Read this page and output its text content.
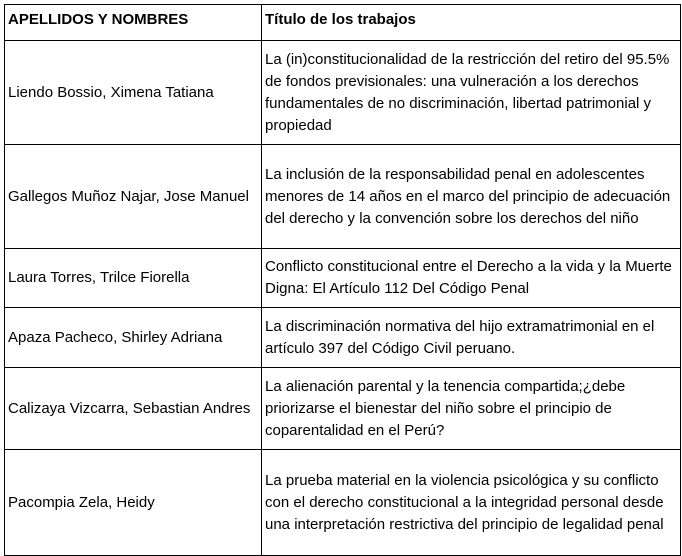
APELLIDOS Y NOMBRES	Título de los trabajos
Liendo Bossio, Ximena Tatiana	La (in)constitucionalidad de la restricción del retiro del 95.5% de fondos previsionales: una vulneración a los derechos fundamentales de no discriminación, libertad patrimonial y propiedad
Gallegos Muñoz Najar, Jose Manuel	La inclusión de la responsabilidad penal en adolescentes menores de 14 años en el marco del principio de adecuación del derecho y la convención sobre los derechos del niño
Laura Torres, Trilce Fiorella	Conflicto constitucional entre el Derecho a la vida y la Muerte Digna: El Artículo 112 Del Código Penal
Apaza Pacheco, Shirley Adriana	La discriminación normativa del hijo extramatrimonial en el artículo 397 del Código Civil peruano.
Calizaya Vizcarra, Sebastian Andres	La alienación parental y la tenencia compartida;¿debe priorizarse el bienestar del niño sobre el principio de coparentalidad en el Perú?
Pacompia Zela, Heidy	La prueba material en la violencia psicológica y su conflicto con el derecho constitucional a la integridad personal desde una interpretación restrictiva del principio de legalidad penal
